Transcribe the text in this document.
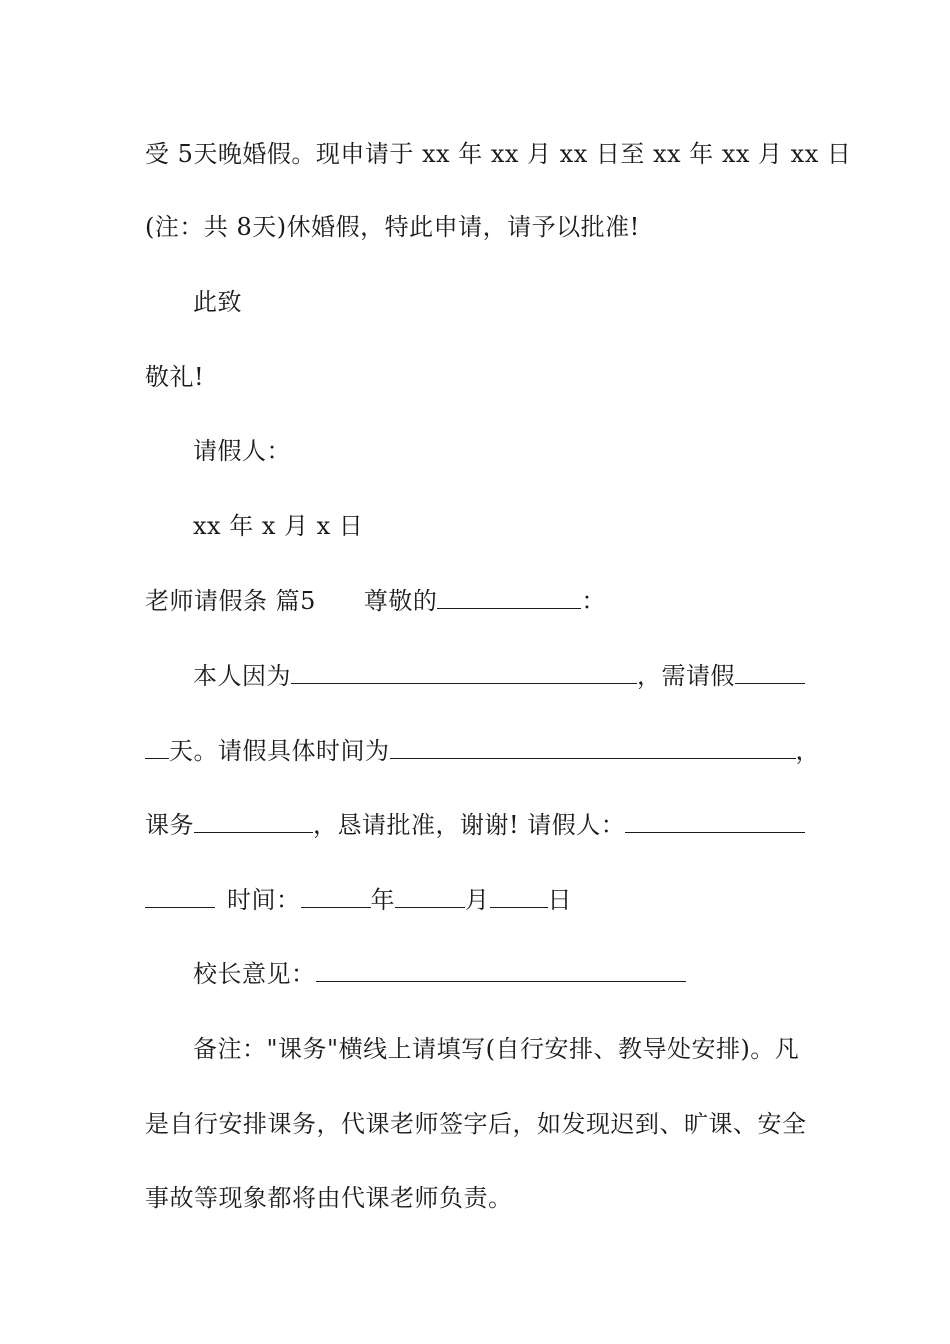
受 5天晚婚假。现申请于 xx 年 xx 月 xx 日至 xx 年 xx 月 xx 日
(注：共 8天)休婚假，特此申请，请予以批准!
此致
敬礼!
请假人：
xx 年 x 月 x 日
老师请假条 篇5 尊敬的	：
本人因为	，需请假
天。请假具体时间为	，
课务	，恳请批准，谢谢! 请假人：
时间：	年	月 日
校长意见：
备注："课务"横线上请填写(自行安排、教导处安排)。凡
是自行安排课务，代课老师签字后，如发现迟到、旷课、安全
事故等现象都将由代课老师负责。
